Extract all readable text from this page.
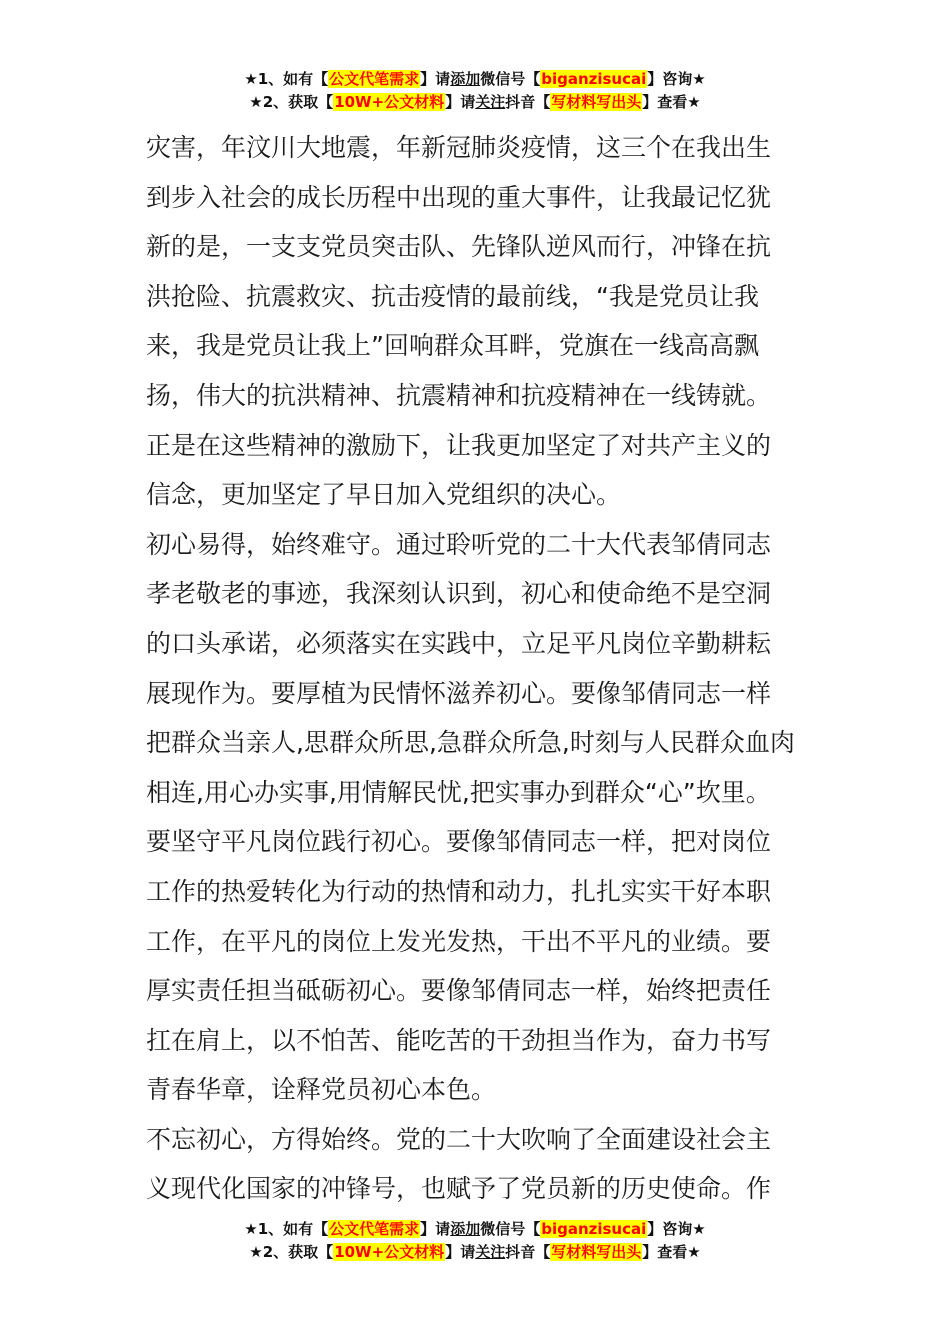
★1、如有【公文代笔需求】请添加微信号【biganzisucai】咨询★
★2、获取【10W+公文材料】请关注抖音【写材料写出头】查看★
灾害，年汶川大地震，年新冠肺炎疫情，这三个在我出生
到步入社会的成长历程中出现的重大事件，让我最记忆犹
新的是，一支支党员突击队、先锋队逆风而行，冲锋在抗
洪抢险、抗震救灾、抗击疫情的最前线，“我是党员让我
来，我是党员让我上”回响群众耳畔，党旗在一线高高飘
扬，伟大的抗洪精神、抗震精神和抗疫精神在一线铸就。
正是在这些精神的激励下，让我更加坚定了对共产主义的
信念，更加坚定了早日加入党组织的决心。
初心易得，始终难守。通过聆听党的二十大代表邹倩同志
孝老敬老的事迹，我深刻认识到，初心和使命绝不是空洞
的口头承诺，必须落实在实践中，立足平凡岗位辛勤耕耘
展现作为。要厚植为民情怀滋养初心。要像邹倩同志一样
把群众当亲人,思群众所思,急群众所急,时刻与人民群众血肉
相连,用心办实事,用情解民忧,把实事办到群众“心”坎里。
要坚守平凡岗位践行初心。要像邹倩同志一样，把对岗位
工作的热爱转化为行动的热情和动力，扎扎实实干好本职
工作，在平凡的岗位上发光发热，干出不平凡的业绩。要
厚实责任担当砥砺初心。要像邹倩同志一样，始终把责任
扛在肩上，以不怕苦、能吃苦的干劲担当作为，奋力书写
青春华章，诠释党员初心本色。
不忘初心，方得始终。党的二十大吹响了全面建设社会主
义现代化国家的冲锋号，也赋予了党员新的历史使命。作
★1、如有【公文代笔需求】请添加微信号【biganzisucai】咨询★
★2、获取【10W+公文材料】请关注抖音【写材料写出头】查看★
